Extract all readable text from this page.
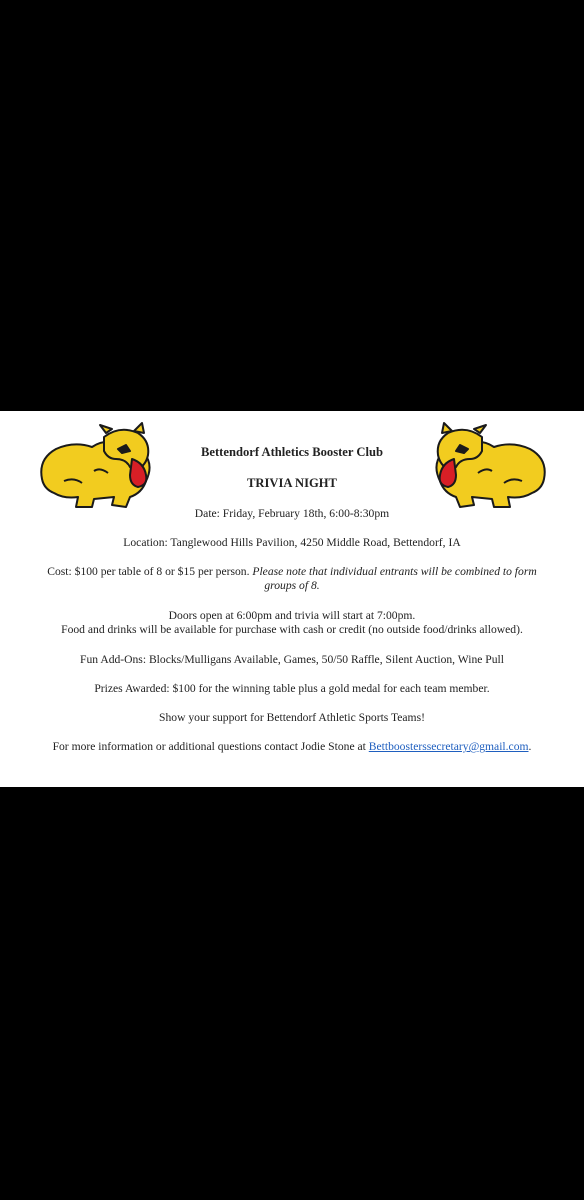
Bettendorf Athletics Booster Club
TRIVIA NIGHT
Date: Friday, February 18th, 6:00-8:30pm
Location: Tanglewood Hills Pavilion, 4250 Middle Road, Bettendorf, IA
Cost: $100 per table of 8 or $15 per person. Please note that individual entrants will be combined to form
groups of 8.
Doors open at 6:00pm and trivia will start at 7:00pm.
Food and drinks will be available for purchase with cash or credit (no outside food/drinks allowed).
Fun Add-Ons: Blocks/Mulligans Available, Games, 50/50 Raffle, Silent Auction, Wine Pull
Prizes Awarded: $100 for the winning table plus a gold medal for each team member.
Show your support for Bettendorf Athletic Sports Teams!
For more information or additional questions contact Jodie Stone at Bettboosterssecretary@gmail.com.
